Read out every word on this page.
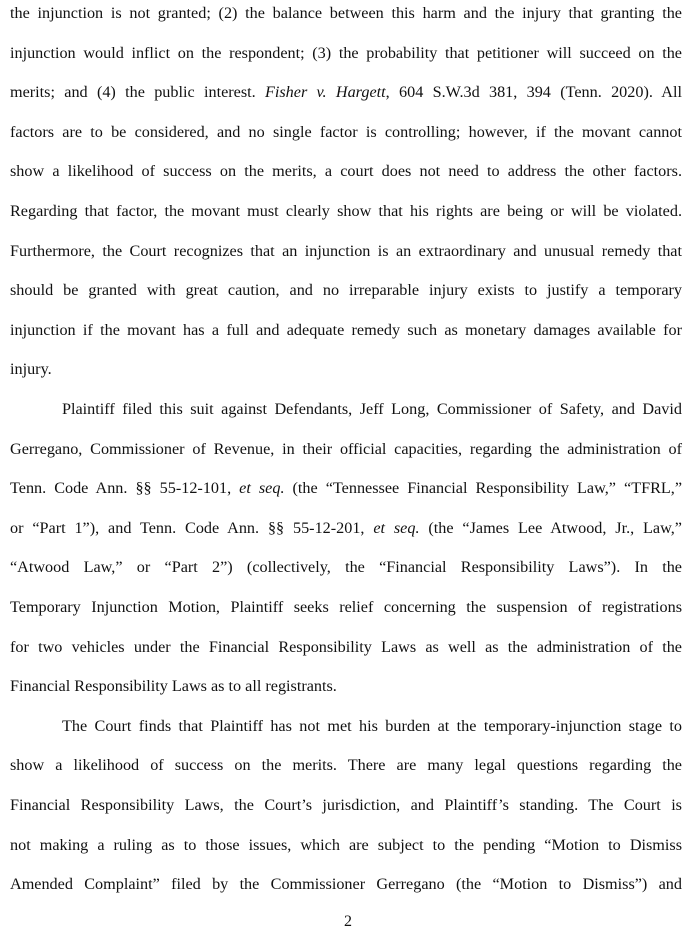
the injunction is not granted; (2) the balance between this harm and the injury that granting the
injunction would inflict on the respondent; (3) the probability that petitioner will succeed on the
merits; and (4) the public interest. Fisher v. Hargett, 604 S.W.3d 381, 394 (Tenn. 2020). All
factors are to be considered, and no single factor is controlling; however, if the movant cannot
show a likelihood of success on the merits, a court does not need to address the other factors.
Regarding that factor, the movant must clearly show that his rights are being or will be violated.
Furthermore, the Court recognizes that an injunction is an extraordinary and unusual remedy that
should be granted with great caution, and no irreparable injury exists to justify a temporary
injunction if the movant has a full and adequate remedy such as monetary damages available for
injury.
Plaintiff filed this suit against Defendants, Jeff Long, Commissioner of Safety, and David
Gerregano, Commissioner of Revenue, in their official capacities, regarding the administration of
Tenn. Code Ann. §§ 55-12-101, et seq. (the “Tennessee Financial Responsibility Law,” “TFRL,”
or “Part 1”), and Tenn. Code Ann. §§ 55-12-201, et seq. (the “James Lee Atwood, Jr., Law,”
“Atwood Law,” or “Part 2”) (collectively, the “Financial Responsibility Laws”). In the
Temporary Injunction Motion, Plaintiff seeks relief concerning the suspension of registrations
for two vehicles under the Financial Responsibility Laws as well as the administration of the
Financial Responsibility Laws as to all registrants.
The Court finds that Plaintiff has not met his burden at the temporary-injunction stage to
show a likelihood of success on the merits. There are many legal questions regarding the
Financial Responsibility Laws, the Court’s jurisdiction, and Plaintiff’s standing. The Court is
not making a ruling as to those issues, which are subject to the pending “Motion to Dismiss
Amended Complaint” filed by the Commissioner Gerregano (the “Motion to Dismiss”) and
2
